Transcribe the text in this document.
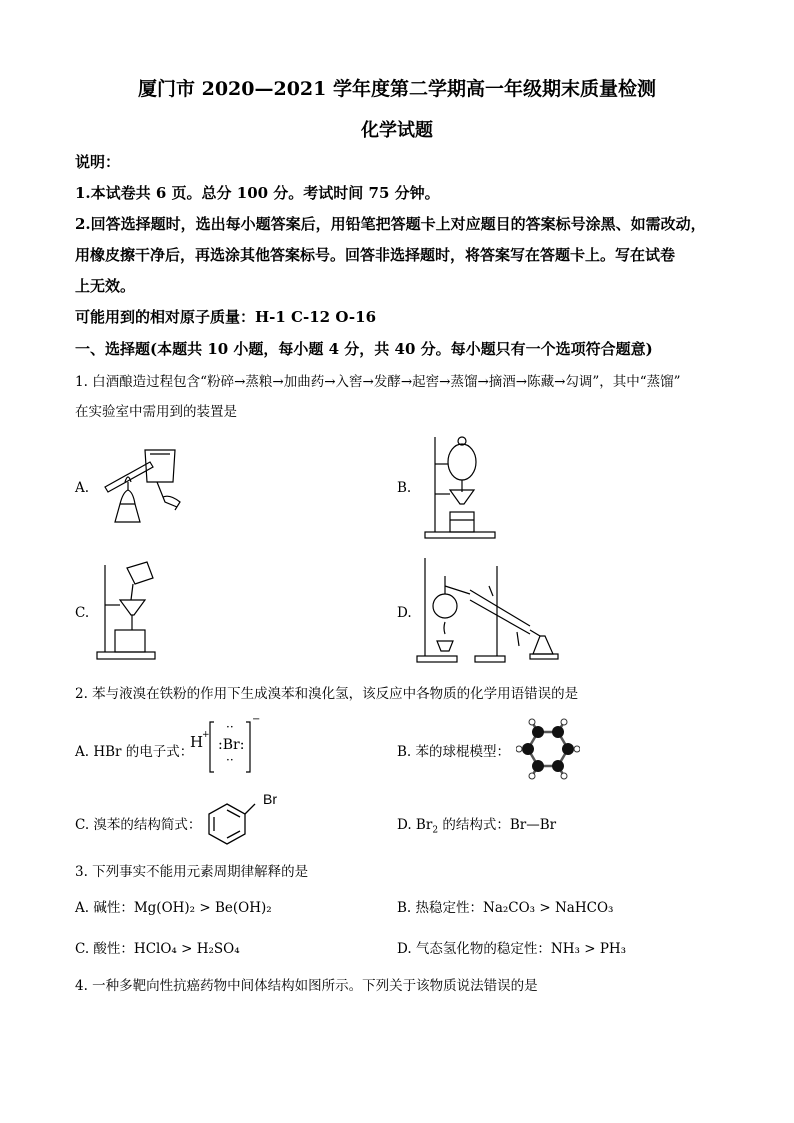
厦门市 2020—2021 学年度第二学期高一年级期末质量检测
化学试题
说明：
1.本试卷共 6 页。总分 100 分。考试时间 75 分钟。
2.回答选择题时，选出每小题答案后，用铅笔把答题卡上对应题目的答案标号涂黑、如需改动，
用橡皮擦干净后，再选涂其他答案标号。回答非选择题时，将答案写在答题卡上。写在试卷
上无效。
可能用到的相对原子质量：H-1 C-12 O-16
一、选择题(本题共 10 小题，每小题 4 分，共 40 分。每小题只有一个选项符合题意)
1. 白酒酿造过程包含“粉碎→蒸粮→加曲药→入窖→发酵→起窖→蒸馏→摘酒→陈藏→勾调”，其中“蒸馏”
在实验室中需用到的装置是
A.	B.
C.	D.
2. 苯与液溴在铁粉的作用下生成溴苯和溴化氢，该反应中各物质的化学用语错误的是
A. HBr 的电子式：
H
+
··
:Br:
··
−
B. 苯的球棍模型：
C. 溴苯的结构简式：
Br
D. $Br_2$ 的结构式：Br—Br
3. 下列事实不能用元素周期律解释的是
A. 碱性：Mg(OH)₂ > Be(OH)₂	B. 热稳定性：Na₂CO₃ > NaHCO₃
C. 酸性：HClO₄ > H₂SO₄	D. 气态氢化物的稳定性：NH₃ > PH₃
4. 一种多靶向性抗癌药物中间体结构如图所示。下列关于该物质说法错误的是
